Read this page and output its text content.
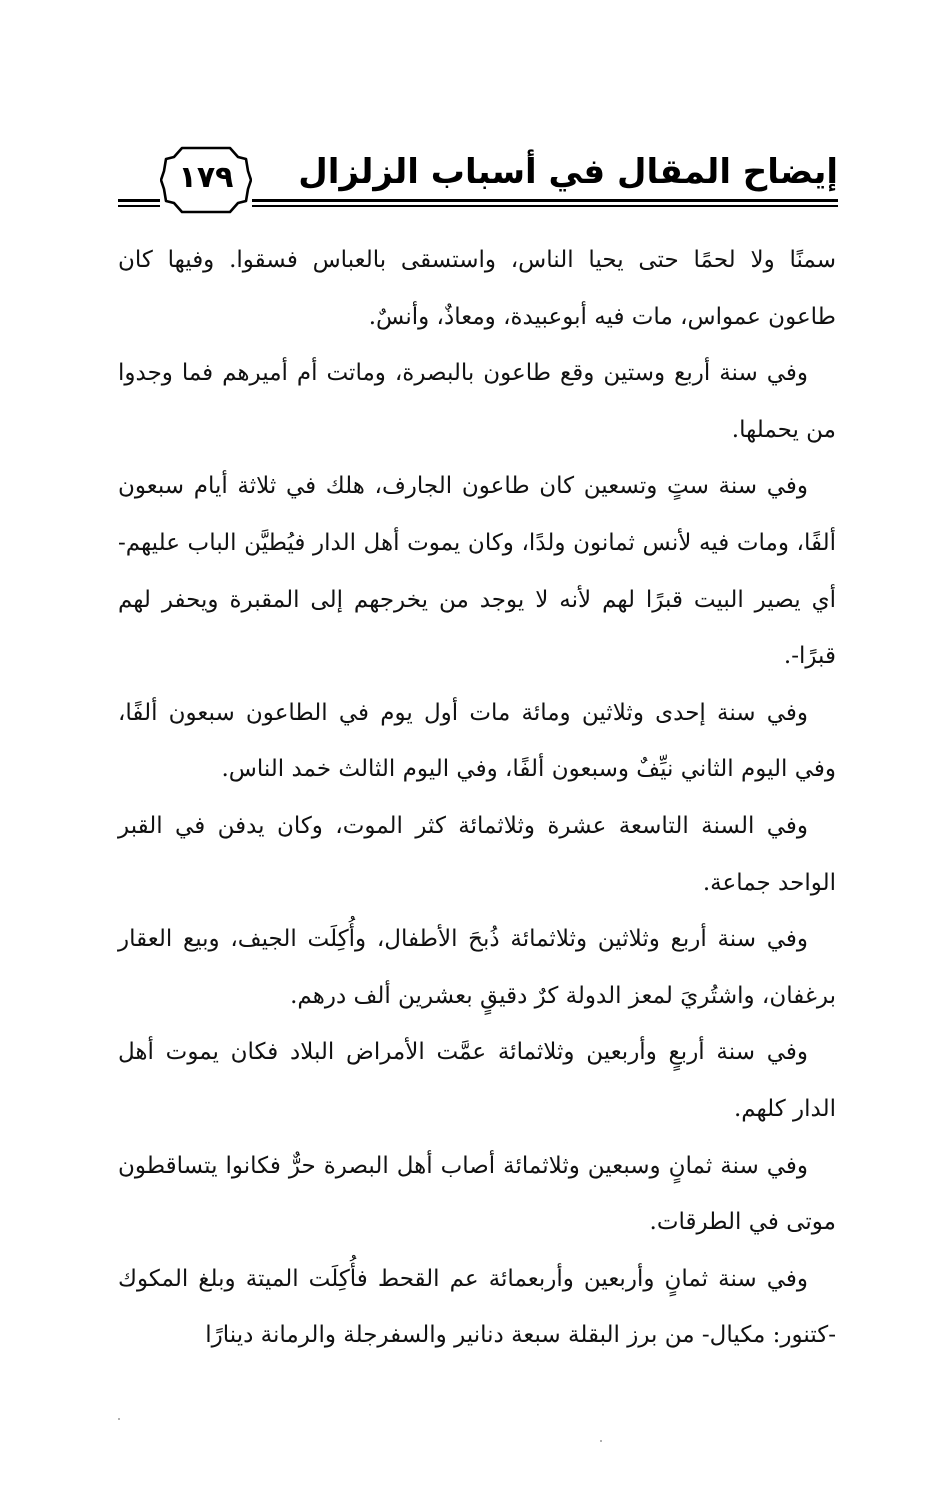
إيضاح المقال في أسباب الزلزال
١٧٩

سمنًا ولا لحمًا حتى يحيا الناس، واستسقى بالعباس فسقوا. وفيها كان طاعون عمواس، مات فيه أبوعبيدة، ومعاذٌ، وأنسٌ.

وفي سنة أربع وستين وقع طاعون بالبصرة، وماتت أم أميرهم فما وجدوا من يحملها.

وفي سنة ستٍ وتسعين كان طاعون الجارف، هلك في ثلاثة أيام سبعون ألفًا، ومات فيه لأنس ثمانون ولدًا، وكان يموت أهل الدار فيُطيَّن الباب عليهم-أي يصير البيت قبرًا لهم لأنه لا يوجد من يخرجهم إلى المقبرة ويحفر لهم قبرًا-.

وفي سنة إحدى وثلاثين ومائة مات أول يوم في الطاعون سبعون ألفًا، وفي اليوم الثاني نيِّفٌ وسبعون ألفًا، وفي اليوم الثالث خمد الناس.

وفي السنة التاسعة عشرة وثلاثمائة كثر الموت، وكان يدفن في القبر الواحد جماعة.

وفي سنة أربع وثلاثين وثلاثمائة ذُبحَ الأطفال، وأُكِلَت الجيف، وبيع العقار برغفان، واشتُريَ لمعز الدولة كرٌ دقيقٍ بعشرين ألف درهم.

وفي سنة أربعٍ وأربعين وثلاثمائة عمَّت الأمراض البلاد فكان يموت أهل الدار كلهم.

وفي سنة ثمانٍ وسبعين وثلاثمائة أصاب أهل البصرة حرٌّ فكانوا يتساقطون موتى في الطرقات.

وفي سنة ثمانٍ وأربعين وأربعمائة عم القحط فأُكِلَت الميتة وبلغ المكوك -كتنور: مكيال- من برز البقلة سبعة دنانير والسفرجلة والرمانة دينارًا
